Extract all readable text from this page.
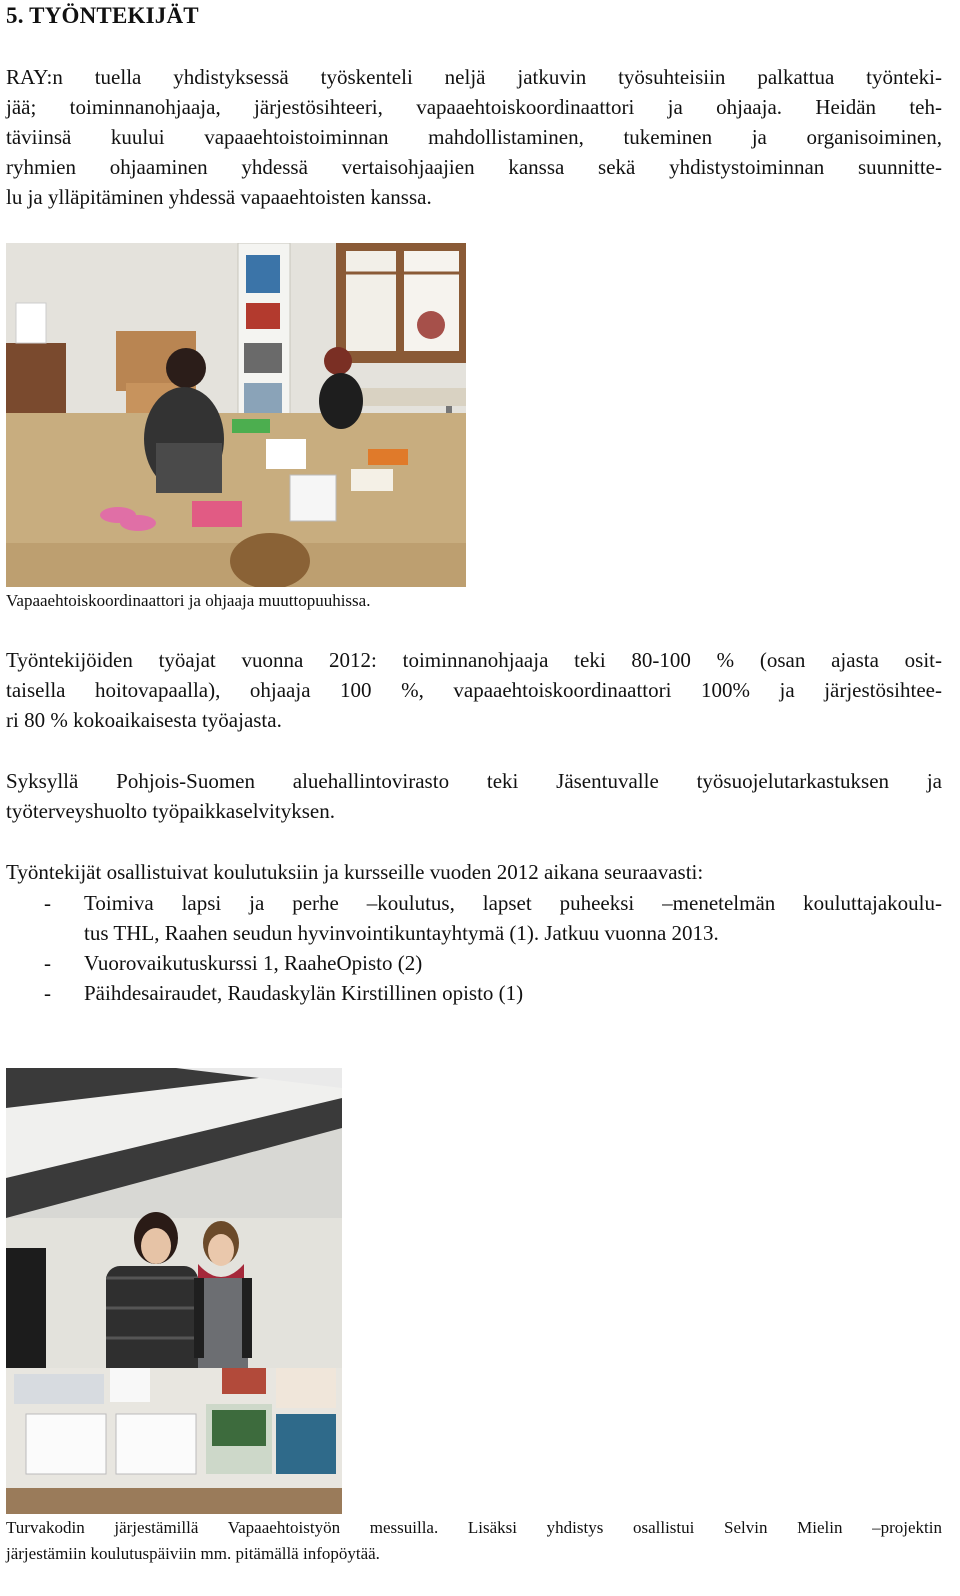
5. TYÖNTEKIJÄT
RAY:n tuella yhdistyksessä työskenteli neljä jatkuvin työsuhteisiin palkattua työnteki-
jää; toiminnanohjaaja, järjestösihteeri, vapaaehtoiskoordinaattori ja ohjaaja. Heidän teh-
täviinsä kuului vapaaehtoistoiminnan mahdollistaminen, tukeminen ja organisoiminen,
ryhmien ohjaaminen yhdessä vertaisohjaajien kanssa sekä yhdistystoiminnan suunnitte-
lu ja ylläpitäminen yhdessä vapaaehtoisten kanssa.

Vapaaehtoiskoordinaattori ja ohjaaja muuttopuuhissa.

Työntekijöiden työajat vuonna 2012: toiminnanohjaaja teki 80-100 % (osan ajasta osit-
taisella hoitovapaalla), ohjaaja 100 %, vapaaehtoiskoordinaattori 100% ja järjestösihtee-
ri 80 % kokoaikaisesta työajasta.
Syksyllä Pohjois-Suomen aluehallintovirasto teki Jäsentuvalle työsuojelutarkastuksen ja
työterveyshuolto työpaikkaselvityksen.
Työntekijät osallistuivat koulutuksiin ja kursseille vuoden 2012 aikana seuraavasti:
- Toimiva lapsi ja perhe –koulutus, lapset puheeksi –menetelmän kouluttajakoulu-
tus THL, Raahen seudun hyvinvointikuntayhtymä (1). Jatkuu vuonna 2013.
- Vuorovaikutuskurssi 1, RaaheOpisto (2)
- Päihdesairaudet, Raudaskylän Kirstillinen opisto (1)

Turvakodin järjestämillä Vapaaehtoistyön messuilla. Lisäksi yhdistys osallistui Selvin Mielin –projektin
järjestämiin koulutuspäiviin mm. pitämällä infopöytää.
